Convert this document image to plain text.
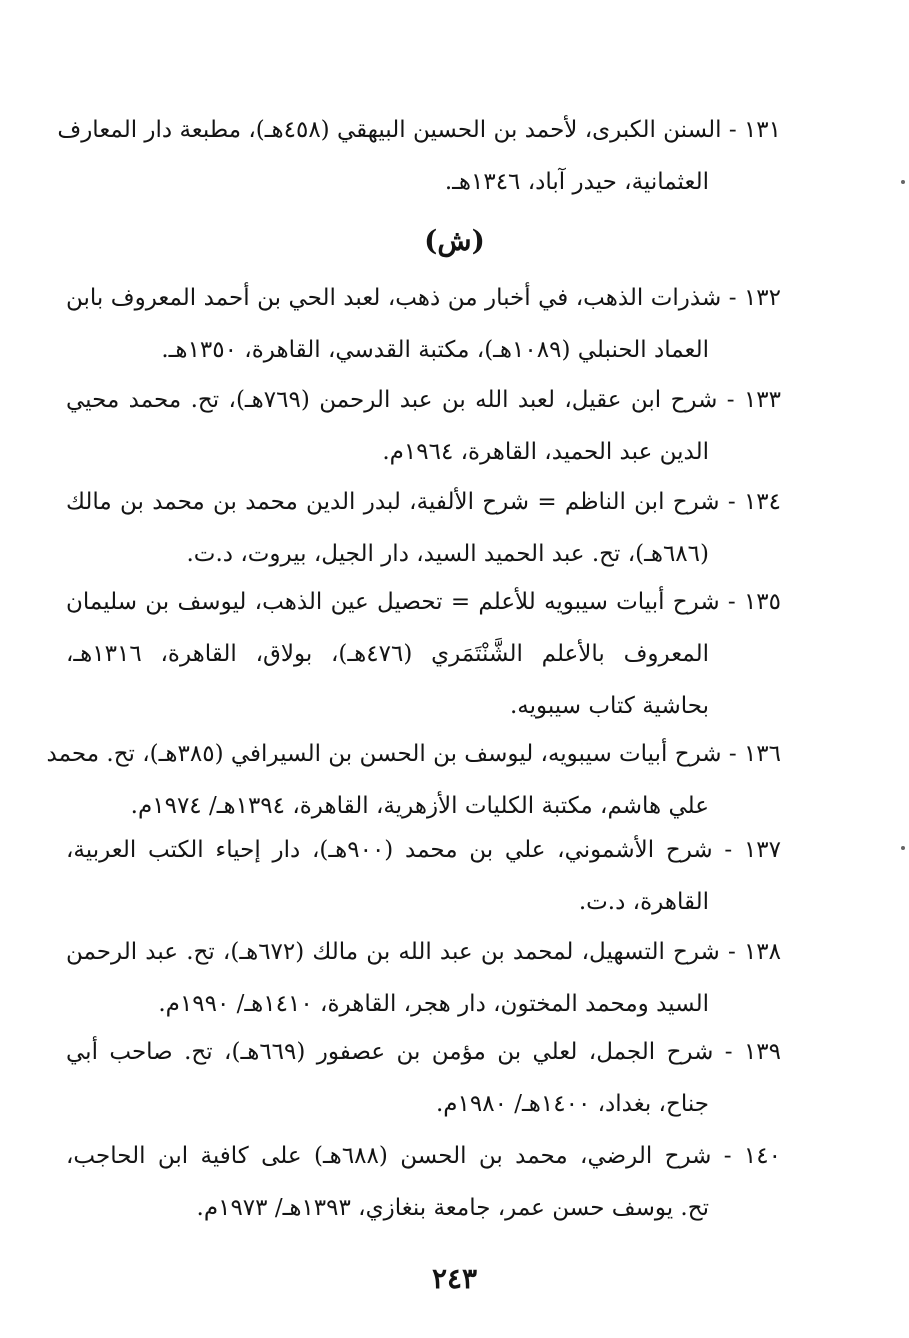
١٣١ - السنن الكبرى، لأحمد بن الحسين البيهقي (٤٥٨هـ)، مطبعة دار المعارف
العثمانية، حيدر آباد، ١٣٤٦هـ.
(ش)
١٣٢ - شذرات الذهب، في أخبار من ذهب، لعبد الحي بن أحمد المعروف بابن
العماد الحنبلي (١٠٨٩هـ)، مكتبة القدسي، القاهرة، ١٣٥٠هـ.
١٣٣ - شرح ابن عقيل، لعبد الله بن عبد الرحمن (٧٦٩هـ)، تح. محمد محيي
الدين عبد الحميد، القاهرة، ١٩٦٤م.
١٣٤ - شرح ابن الناظم = شرح الألفية، لبدر الدين محمد بن محمد بن مالك
(٦٨٦هـ)، تح. عبد الحميد السيد، دار الجيل، بيروت، د.ت.
١٣٥ - شرح أبيات سيبويه للأعلم = تحصيل عين الذهب، ليوسف بن سليمان
المعروف بالأعلم الشَّنْتَمَري (٤٧٦هـ)، بولاق، القاهرة، ١٣١٦هـ،
بحاشية كتاب سيبويه.
١٣٦ - شرح أبيات سيبويه، ليوسف بن الحسن بن السيرافي (٣٨٥هـ)، تح. محمد
علي هاشم، مكتبة الكليات الأزهرية، القاهرة، ١٣٩٤هـ/ ١٩٧٤م.
١٣٧ - شرح الأشموني، علي بن محمد (٩٠٠هـ)، دار إحياء الكتب العربية،
القاهرة، د.ت.
١٣٨ - شرح التسهيل، لمحمد بن عبد الله بن مالك (٦٧٢هـ)، تح. عبد الرحمن
السيد ومحمد المختون، دار هجر، القاهرة، ١٤١٠هـ/ ١٩٩٠م.
١٣٩ - شرح الجمل، لعلي بن مؤمن بن عصفور (٦٦٩هـ)، تح. صاحب أبي
جناح، بغداد، ١٤٠٠هـ/ ١٩٨٠م.
١٤٠ - شرح الرضي، محمد بن الحسن (٦٨٨هـ) على كافية ابن الحاجب،
تح. يوسف حسن عمر، جامعة بنغازي، ١٣٩٣هـ/ ١٩٧٣م.
٢٤٣
